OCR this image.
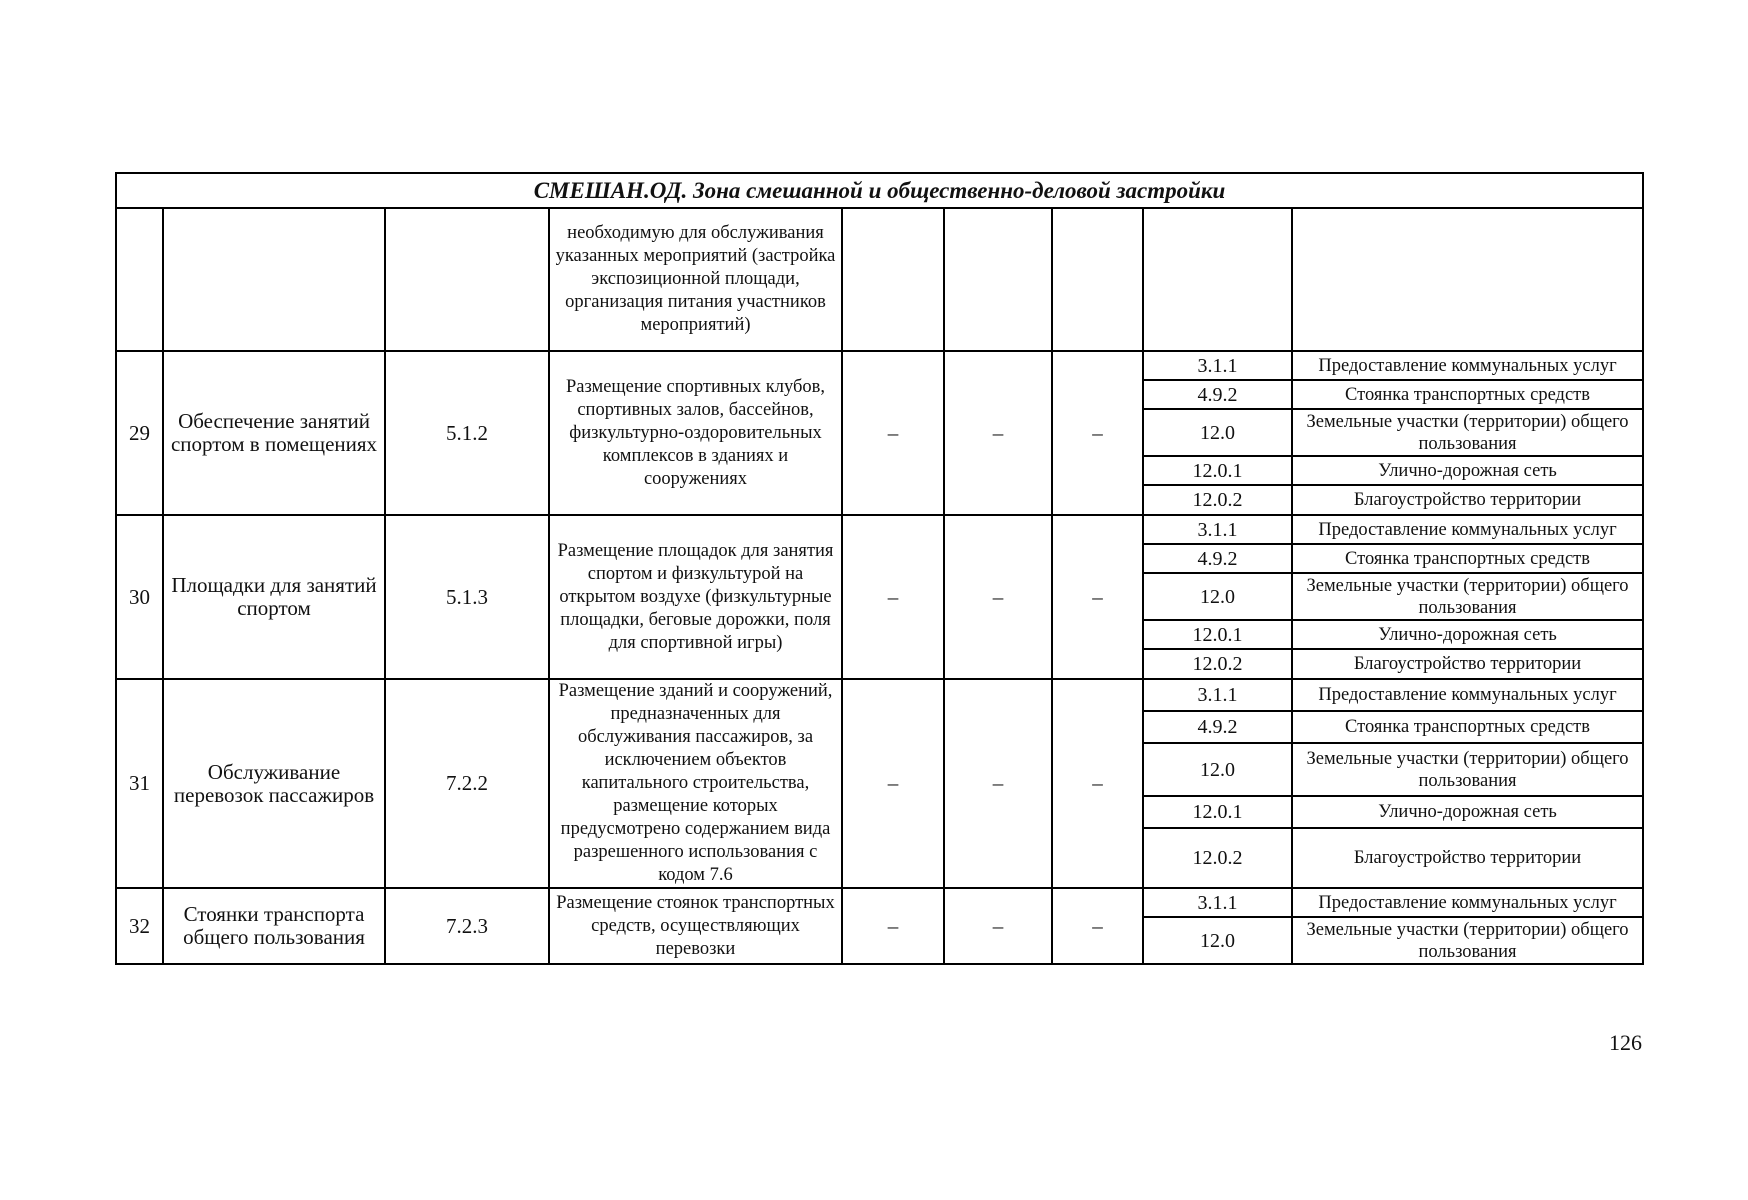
СМЕШАН.ОД. Зона смешанной и общественно-деловой застройки								
			необходимую для обслуживания указанных мероприятий (застройка экспозиционной площади, организация питания участников мероприятий)					
29	Обеспечение занятий спортом в помещениях	5.1.2	Размещение спортивных клубов, спортивных залов, бассейнов, физкультурно-оздоровительных комплексов в зданиях и сооружениях	–	–	–	3.1.1	Предоставление коммунальных услуг
							4.9.2	Стоянка транспортных средств
							12.0	Земельные участки (территории) общего пользования
							12.0.1	Улично-дорожная сеть
							12.0.2	Благоустройство территории
30	Площадки для занятий спортом	5.1.3	Размещение площадок для занятия спортом и физкультурой на открытом воздухе (физкультурные площадки, беговые дорожки, поля для спортивной игры)	–	–	–	3.1.1	Предоставление коммунальных услуг
							4.9.2	Стоянка транспортных средств
							12.0	Земельные участки (территории) общего пользования
							12.0.1	Улично-дорожная сеть
							12.0.2	Благоустройство территории
31	Обслуживание перевозок пассажиров	7.2.2	Размещение зданий и сооружений, предназначенных для обслуживания пассажиров, за исключением объектов капитального строительства, размещение которых предусмотрено содержанием вида разрешенного использования с кодом 7.6	–	–	–	3.1.1	Предоставление коммунальных услуг
							4.9.2	Стоянка транспортных средств
							12.0	Земельные участки (территории) общего пользования
							12.0.1	Улично-дорожная сеть
							12.0.2	Благоустройство территории
32	Стоянки транспорта общего пользования	7.2.3	Размещение стоянок транспортных средств, осуществляющих перевозки	–	–	–	3.1.1	Предоставление коммунальных услуг
							12.0	Земельные участки (территории) общего пользования
126
